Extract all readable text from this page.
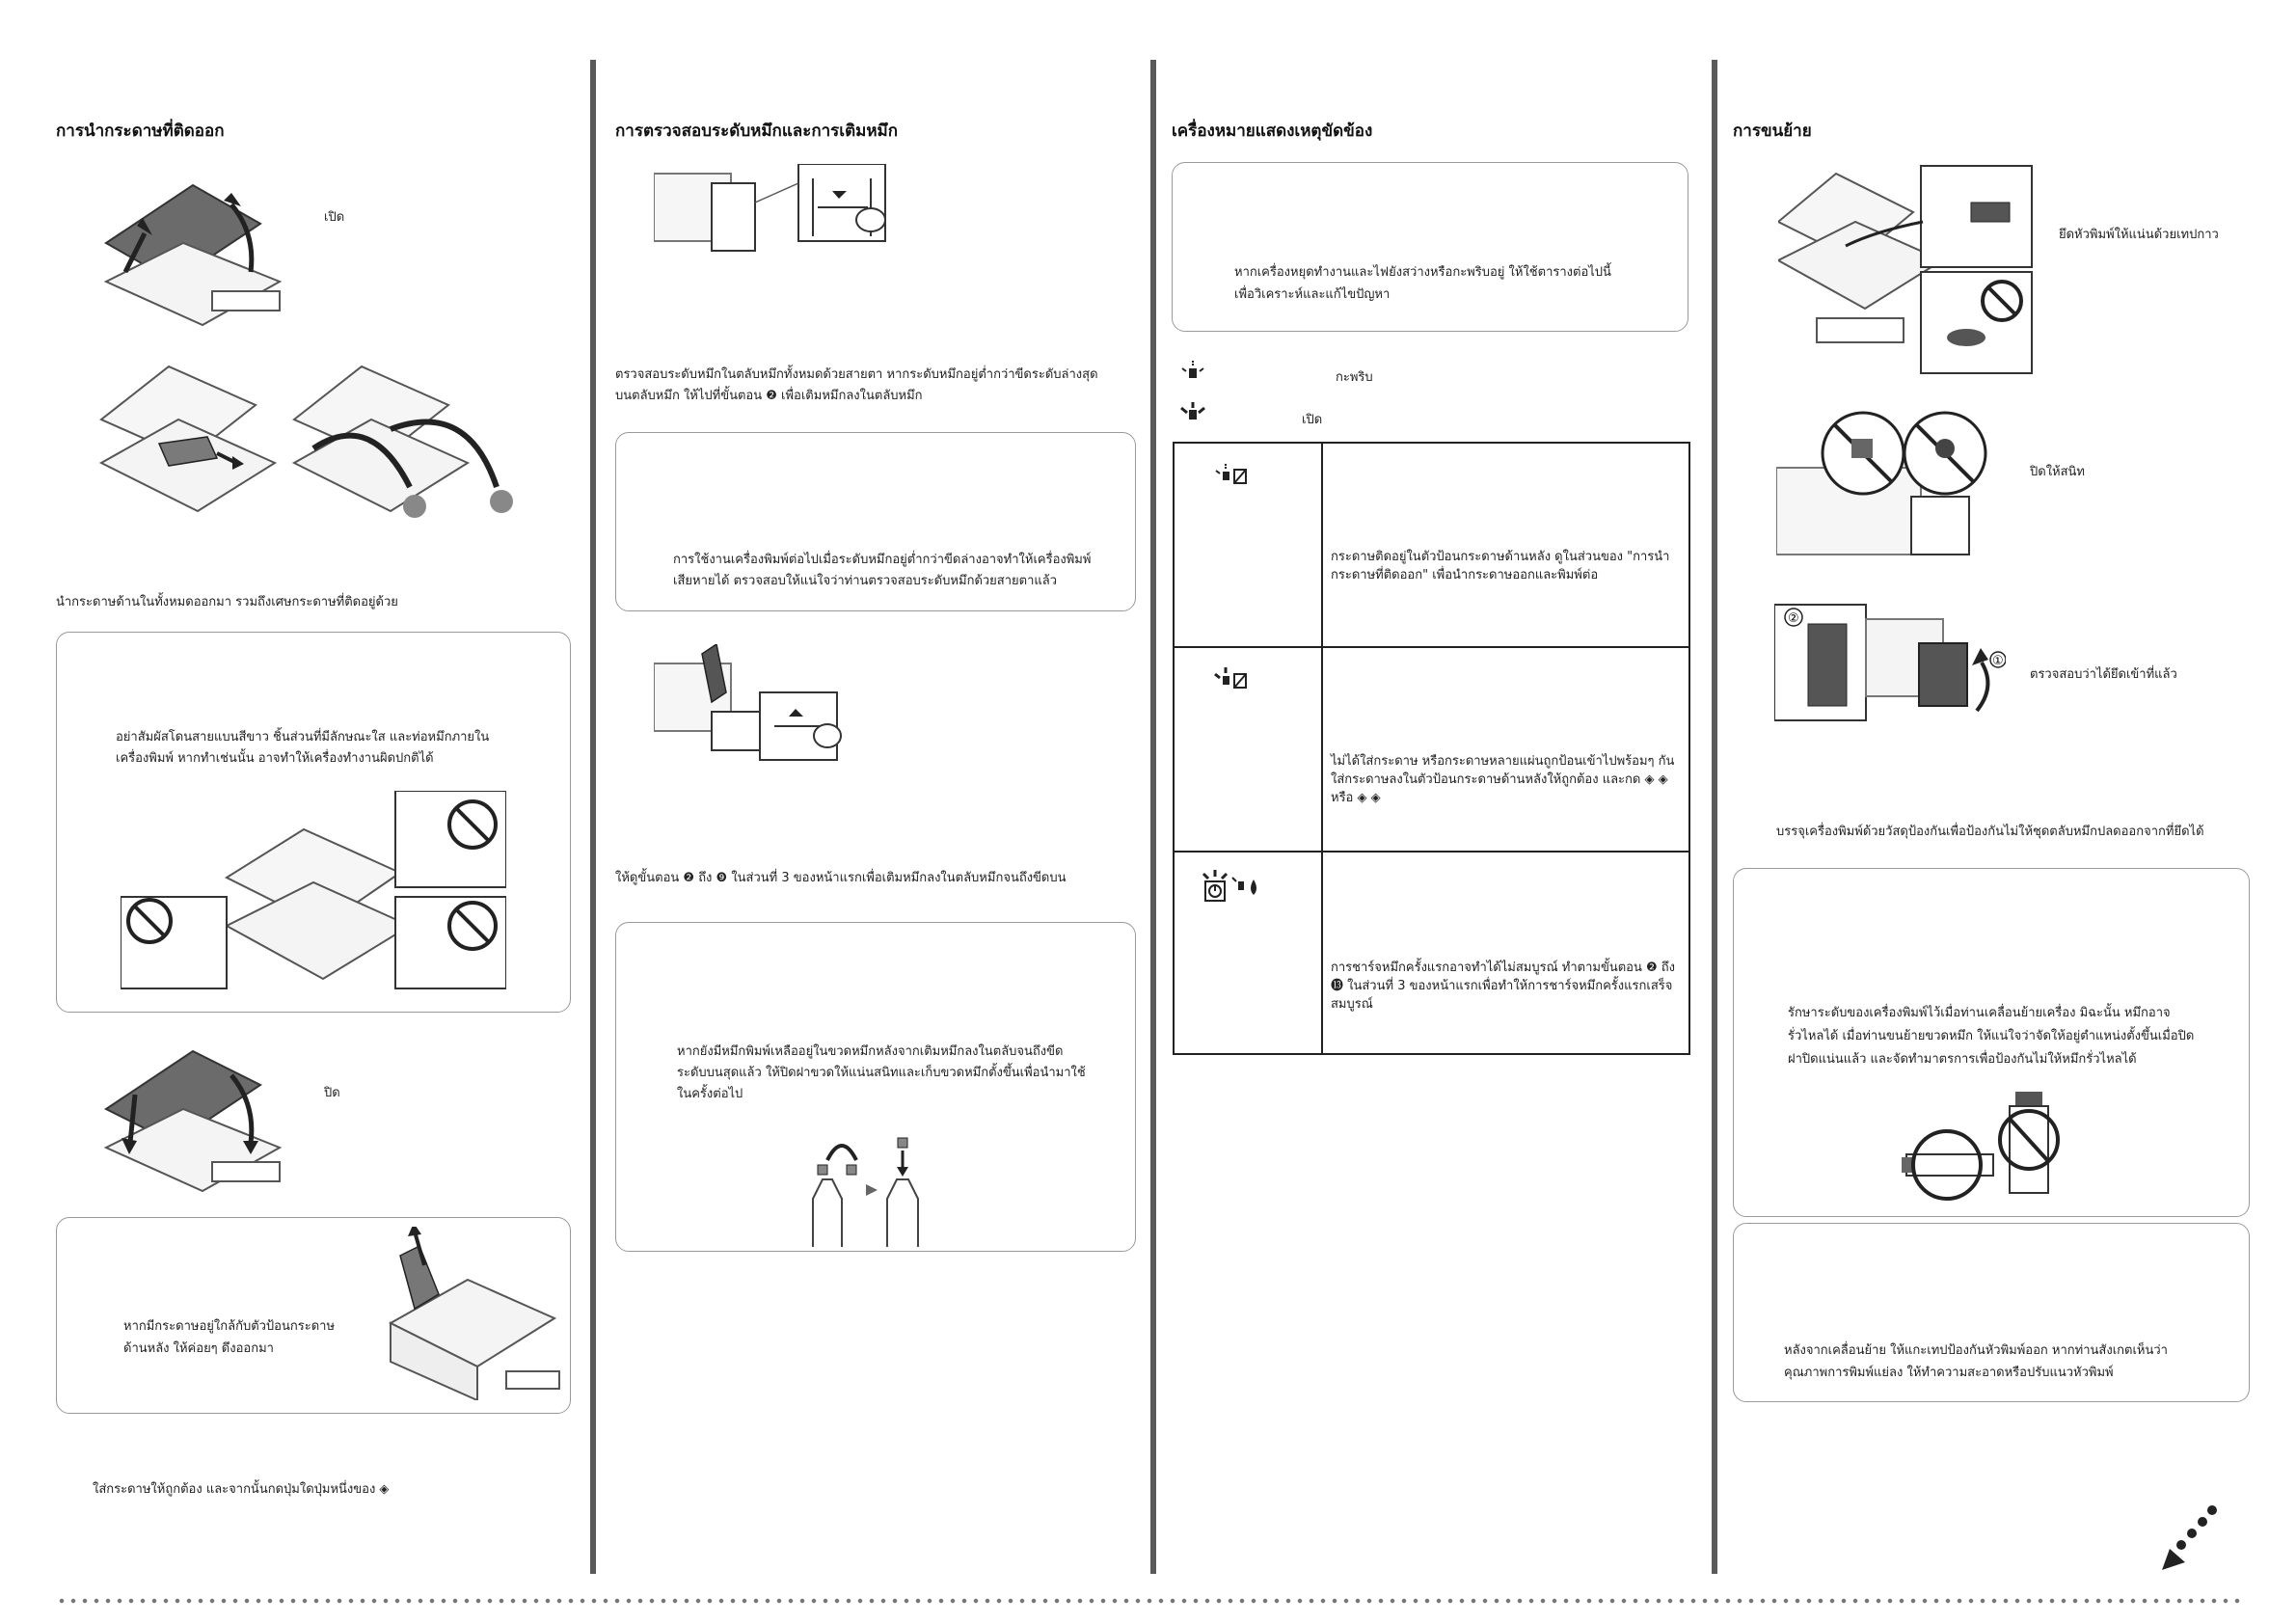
การนำกระดาษที่ติดออก
เปิด
นำกระดาษด้านในทั้งหมดออกมา รวมถึงเศษกระดาษที่ติดอยู่ด้วย
อย่าสัมผัสโดนสายแบนสีขาว ชิ้นส่วนที่มีลักษณะใส และท่อหมึกภายใน
เครื่องพิมพ์ หากทำเช่นนั้น อาจทำให้เครื่องทำงานผิดปกติได้
ปิด
หากมีกระดาษอยู่ใกล้กับตัวป้อนกระดาษ
ด้านหลัง ให้ค่อยๆ ดึงออกมา
ใส่กระดาษให้ถูกต้อง และจากนั้นกดปุ่มใดปุ่มหนึ่งของ ◈
การตรวจสอบระดับหมึกและการเติมหมึก
ตรวจสอบระดับหมึกในตลับหมึกทั้งหมดด้วยสายตา หากระดับหมึกอยู่ต่ำกว่าขีดระดับล่างสุด
บนตลับหมึก ให้ไปที่ขั้นตอน ❷ เพื่อเติมหมึกลงในตลับหมึก
การใช้งานเครื่องพิมพ์ต่อไปเมื่อระดับหมึกอยู่ต่ำกว่าขีดล่างอาจทำให้เครื่องพิมพ์
เสียหายได้ ตรวจสอบให้แน่ใจว่าท่านตรวจสอบระดับหมึกด้วยสายตาแล้ว
ให้ดูขั้นตอน ❷ ถึง ❾ ในส่วนที่ 3 ของหน้าแรกเพื่อเติมหมึกลงในตลับหมึกจนถึงขีดบน
หากยังมีหมึกพิมพ์เหลืออยู่ในขวดหมึกหลังจากเติมหมึกลงในตลับจนถึงขีด
ระดับบนสุดแล้ว ให้ปิดฝาขวดให้แน่นสนิทและเก็บขวดหมึกตั้งขึ้นเพื่อนำมาใช้
ในครั้งต่อไป
เครื่องหมายแสดงเหตุขัดข้อง
หากเครื่องหยุดทำงานและไฟยังสว่างหรือกะพริบอยู่ ให้ใช้ตารางต่อไปนี้
เพื่อวิเคราะห์และแก้ไขปัญหา
กะพริบ
เปิด

กระดาษติดอยู่ในตัวป้อนกระดาษด้านหลัง ดูในส่วนของ "การนำ
กระดาษที่ติดออก" เพื่อนำกระดาษออกและพิมพ์ต่อ

ไม่ได้ใส่กระดาษ หรือกระดาษหลายแผ่นถูกป้อนเข้าไปพร้อมๆ กัน
ใส่กระดาษลงในตัวป้อนกระดาษด้านหลังให้ถูกต้อง และกด ◈ ◈
หรือ ◈ ◈

การชาร์จหมึกครั้งแรกอาจทำได้ไม่สมบูรณ์ ทำตามขั้นตอน ❷ ถึง
⓭ ในส่วนที่ 3 ของหน้าแรกเพื่อทำให้การชาร์จหมึกครั้งแรกเสร็จ
สมบูรณ์
การขนย้าย
ยึดหัวพิมพ์ให้แน่นด้วยเทปกาว
ปิดให้สนิท
②
①
ตรวจสอบว่าได้ยึดเข้าที่แล้ว
บรรจุเครื่องพิมพ์ด้วยวัสดุป้องกันเพื่อป้องกันไม่ให้ชุดตลับหมึกปลดออกจากที่ยึดได้
รักษาระดับของเครื่องพิมพ์ไว้เมื่อท่านเคลื่อนย้ายเครื่อง มิฉะนั้น หมึกอาจ
รั่วไหลได้ เมื่อท่านขนย้ายขวดหมึก ให้แน่ใจว่าจัดให้อยู่ตำแหน่งตั้งขึ้นเมื่อปิด
ฝาปิดแน่นแล้ว และจัดทำมาตรการเพื่อป้องกันไม่ให้หมึกรั่วไหลได้
หลังจากเคลื่อนย้าย ให้แกะเทปป้องกันหัวพิมพ์ออก หากท่านสังเกตเห็นว่า
คุณภาพการพิมพ์แย่ลง ให้ทำความสะอาดหรือปรับแนวหัวพิมพ์
